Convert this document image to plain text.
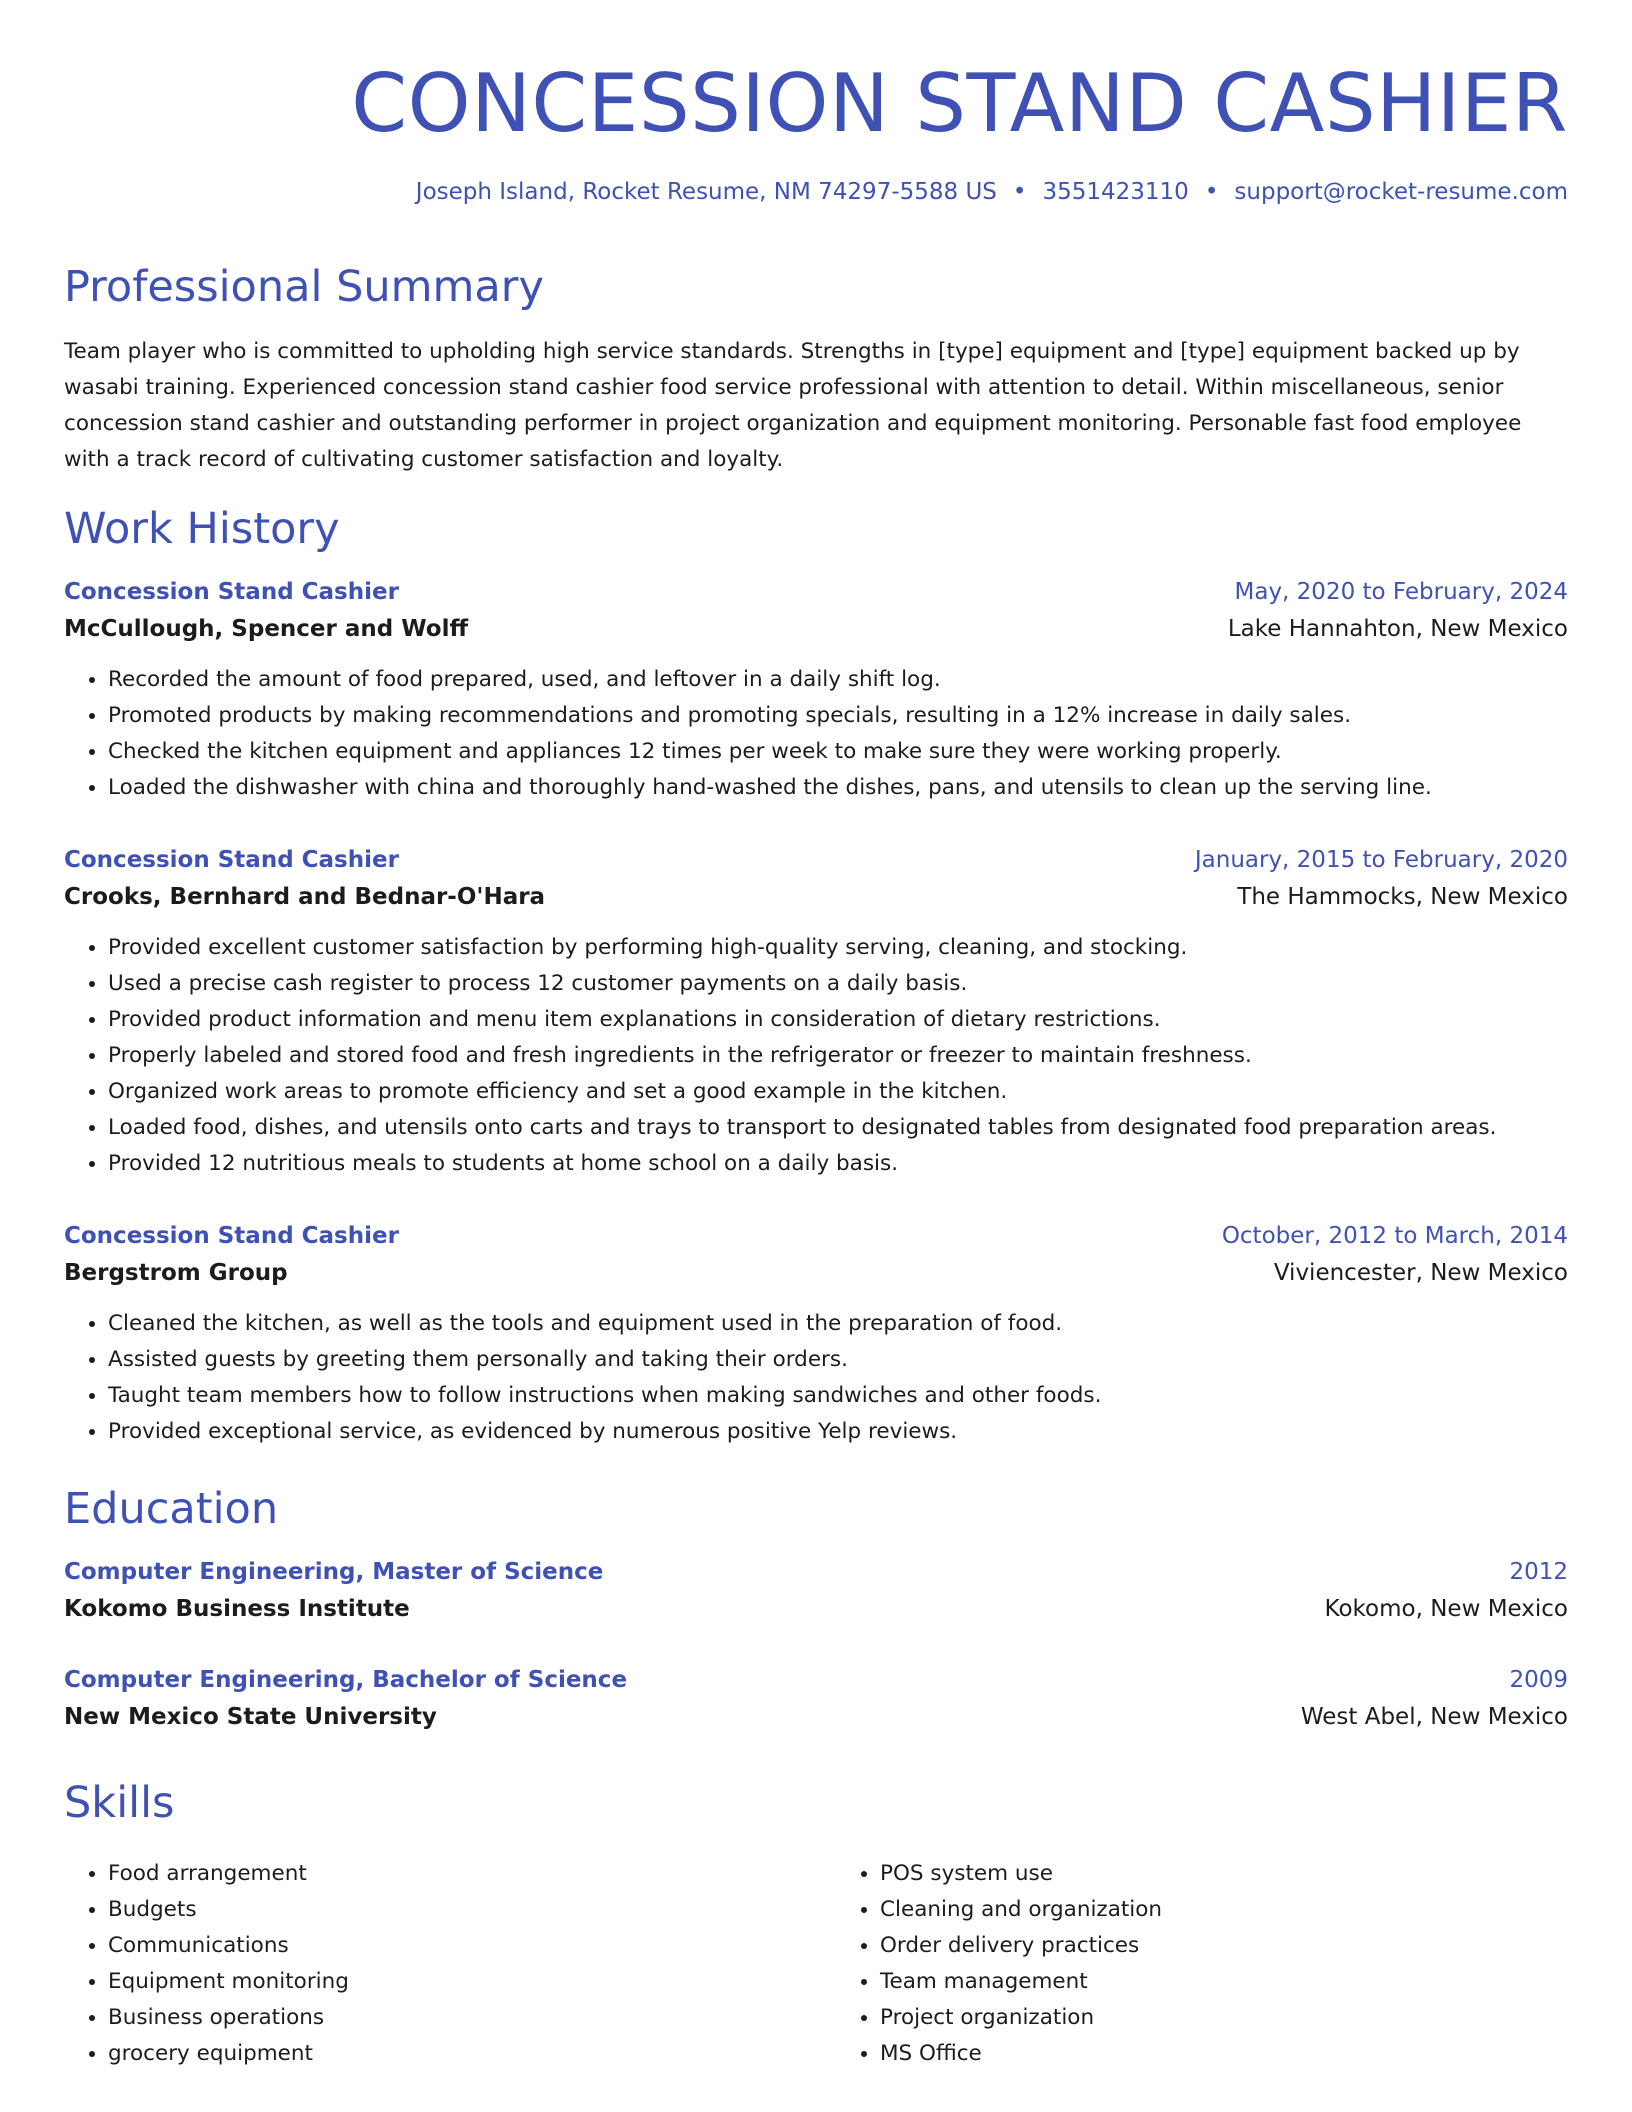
CONCESSION STAND CASHIER
Joseph Island, Rocket Resume, NM 74297-5588 US • 3551423110 • support@rocket-resume.com
Professional Summary

Team player who is committed to upholding high service standards. Strengths in [type] equipment and [type] equipment backed up by wasabi training. Experienced concession stand cashier food service professional with attention to detail. Within miscellaneous, senior concession stand cashier and outstanding performer in project organization and equipment monitoring. Personable fast food employee with a track record of cultivating customer satisfaction and loyalty.

Work History
Concession Stand Cashier	May, 2020 to February, 2024
McCullough, Spencer and Wolff	Lake Hannahton, New Mexico
• Recorded the amount of food prepared, used, and leftover in a daily shift log.
• Promoted products by making recommendations and promoting specials, resulting in a 12% increase in daily sales.
• Checked the kitchen equipment and appliances 12 times per week to make sure they were working properly.
• Loaded the dishwasher with china and thoroughly hand-washed the dishes, pans, and utensils to clean up the serving line.
Concession Stand Cashier	January, 2015 to February, 2020
Crooks, Bernhard and Bednar-O'Hara	The Hammocks, New Mexico
• Provided excellent customer satisfaction by performing high-quality serving, cleaning, and stocking.
• Used a precise cash register to process 12 customer payments on a daily basis.
• Provided product information and menu item explanations in consideration of dietary restrictions.
• Properly labeled and stored food and fresh ingredients in the refrigerator or freezer to maintain freshness.
• Organized work areas to promote efficiency and set a good example in the kitchen.
• Loaded food, dishes, and utensils onto carts and trays to transport to designated tables from designated food preparation areas.
• Provided 12 nutritious meals to students at home school on a daily basis.
Concession Stand Cashier	October, 2012 to March, 2014
Bergstrom Group	Viviencester, New Mexico
• Cleaned the kitchen, as well as the tools and equipment used in the preparation of food.
• Assisted guests by greeting them personally and taking their orders.
• Taught team members how to follow instructions when making sandwiches and other foods.
• Provided exceptional service, as evidenced by numerous positive Yelp reviews.
Education
Computer Engineering, Master of Science	2012
Kokomo Business Institute	Kokomo, New Mexico
Computer Engineering, Bachelor of Science	2009
New Mexico State University	West Abel, New Mexico
Skills
• Food arrangement
• Budgets
• Communications
• Equipment monitoring
• Business operations
• grocery equipment
• POS system use
• Cleaning and organization
• Order delivery practices
• Team management
• Project organization
• MS Office
